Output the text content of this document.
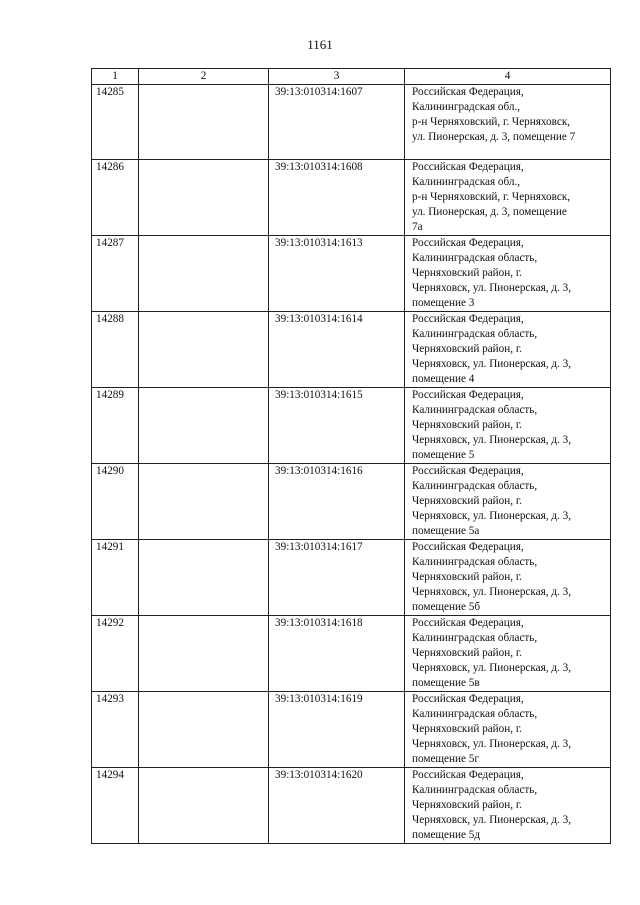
1161
1	2	3	4
14285		39:13:010314:1607	Российская Федерация,
Калининградская обл.,
р-н Черняховский, г. Черняховск,
ул. Пионерская, д. 3, помещение 7

14286		39:13:010314:1608	Российская Федерация,
Калининградская обл.,
р-н Черняховский, г. Черняховск,
ул. Пионерская, д. 3, помещение
7а

14287		39:13:010314:1613	Российская Федерация,
Калининградская область,
Черняховский район, г.
Черняховск, ул. Пионерская, д. 3,
помещение 3

14288		39:13:010314:1614	Российская Федерация,
Калининградская область,
Черняховский район, г.
Черняховск, ул. Пионерская, д. 3,
помещение 4

14289		39:13:010314:1615	Российская Федерация,
Калининградская область,
Черняховский район, г.
Черняховск, ул. Пионерская, д. 3,
помещение 5

14290		39:13:010314:1616	Российская Федерация,
Калининградская область,
Черняховский район, г.
Черняховск, ул. Пионерская, д. 3,
помещение 5а

14291		39:13:010314:1617	Российская Федерация,
Калининградская область,
Черняховский район, г.
Черняховск, ул. Пионерская, д. 3,
помещение 5б

14292		39:13:010314:1618	Российская Федерация,
Калининградская область,
Черняховский район, г.
Черняховск, ул. Пионерская, д. 3,
помещение 5в

14293		39:13:010314:1619	Российская Федерация,
Калининградская область,
Черняховский район, г.
Черняховск, ул. Пионерская, д. 3,
помещение 5г

14294		39:13:010314:1620	Российская Федерация,
Калининградская область,
Черняховский район, г.
Черняховск, ул. Пионерская, д. 3,
помещение 5д
